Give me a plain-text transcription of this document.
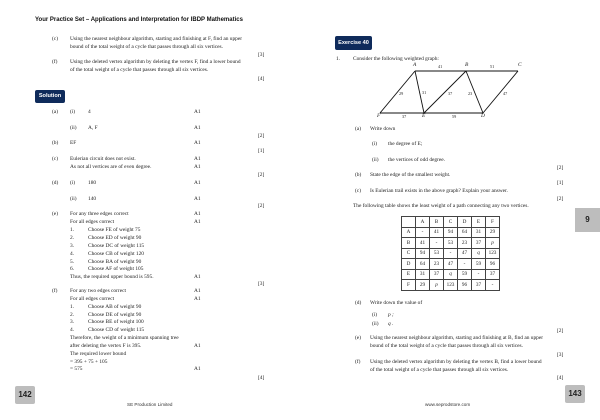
Your Practice Set – Applications and Interpretation for IBDP Mathematics
(c) Using the nearest neighbour algorithm, starting and finishing at F, find an upper
bound of the total weight of a cycle that passes through all six vertices.
[3]
(f) Using the deleted vertex algorithm by deleting the vertex F, find a lower bound
of the total weight of a cycle that passes through all six vertices.
[4]
Solution
(a) (i) 4	A1
(ii) A, F	A1
[2]
(b) EF	A1
[1]
(c) Eulerian circuit does not exist.	A1
As not all vertices are of even degree.	A1
[2]
(d) (i) 180	A1
(ii) 140	A1
[2]
(e) For any three edges correct	A1
For all edges correct	A1
1.	Choose FE of weight 75
2.	Choose ED of weight 90
3.	Choose DC of weight 115
4.	Choose CB of weight 120
5.	Choose BA of weight 90
6.	Choose AF of weight 105
Thus, the required upper bound is 595.	A1
[3]
(f) For any two edges correct	A1
For all edges correct	A1
1.	Choose AB of weight 90
2.	Choose DE of weight 90
3.	Choose BE of weight 100
4.	Choose CD of weight 115
Therefore, the weight of a minimum spanning tree
after deleting the vertex F is 395.	A1
The required lower bound
= 395 + 75 + 105
= 575	A1
[4]
142
SE Production Limited
Exercise 40
1. Consider the following weighted graph:
A	B	C
D
E
F
41	51
29	31	37	23	47
37	59
(a) Write down
(i) the degree of E;
(ii) the vertices of odd degree.
[2]
(b) State the edge of the smallest weight.
[1]
(c) Is Eulerian trail exists in the above graph? Explain your answer.
[2]
The following table shows the least weight of a path connecting any two vertices.
	A	B	C	D	E	F
A	-	41	94	64	31	29
B	41	-	53	23	37	p
C	94	53	-	47	q	123
D	64	23	47	-	59	96
E	31	37	q	59	-	37
F	29	p	123	96	37	-
(d) Write down the value of
(i) p ;
(ii) q .
[2]
(e) Using the nearest neighbour algorithm, starting and finishing at B, find an upper
bound of the total weight of a cycle that passes through all six vertices.
[3]
(f) Using the deleted vertex algorithm by deleting the vertex B, find a lower bound
of the total weight of a cycle that passes through all six vertices.
[4]
9
143
www.seprodstore.com
